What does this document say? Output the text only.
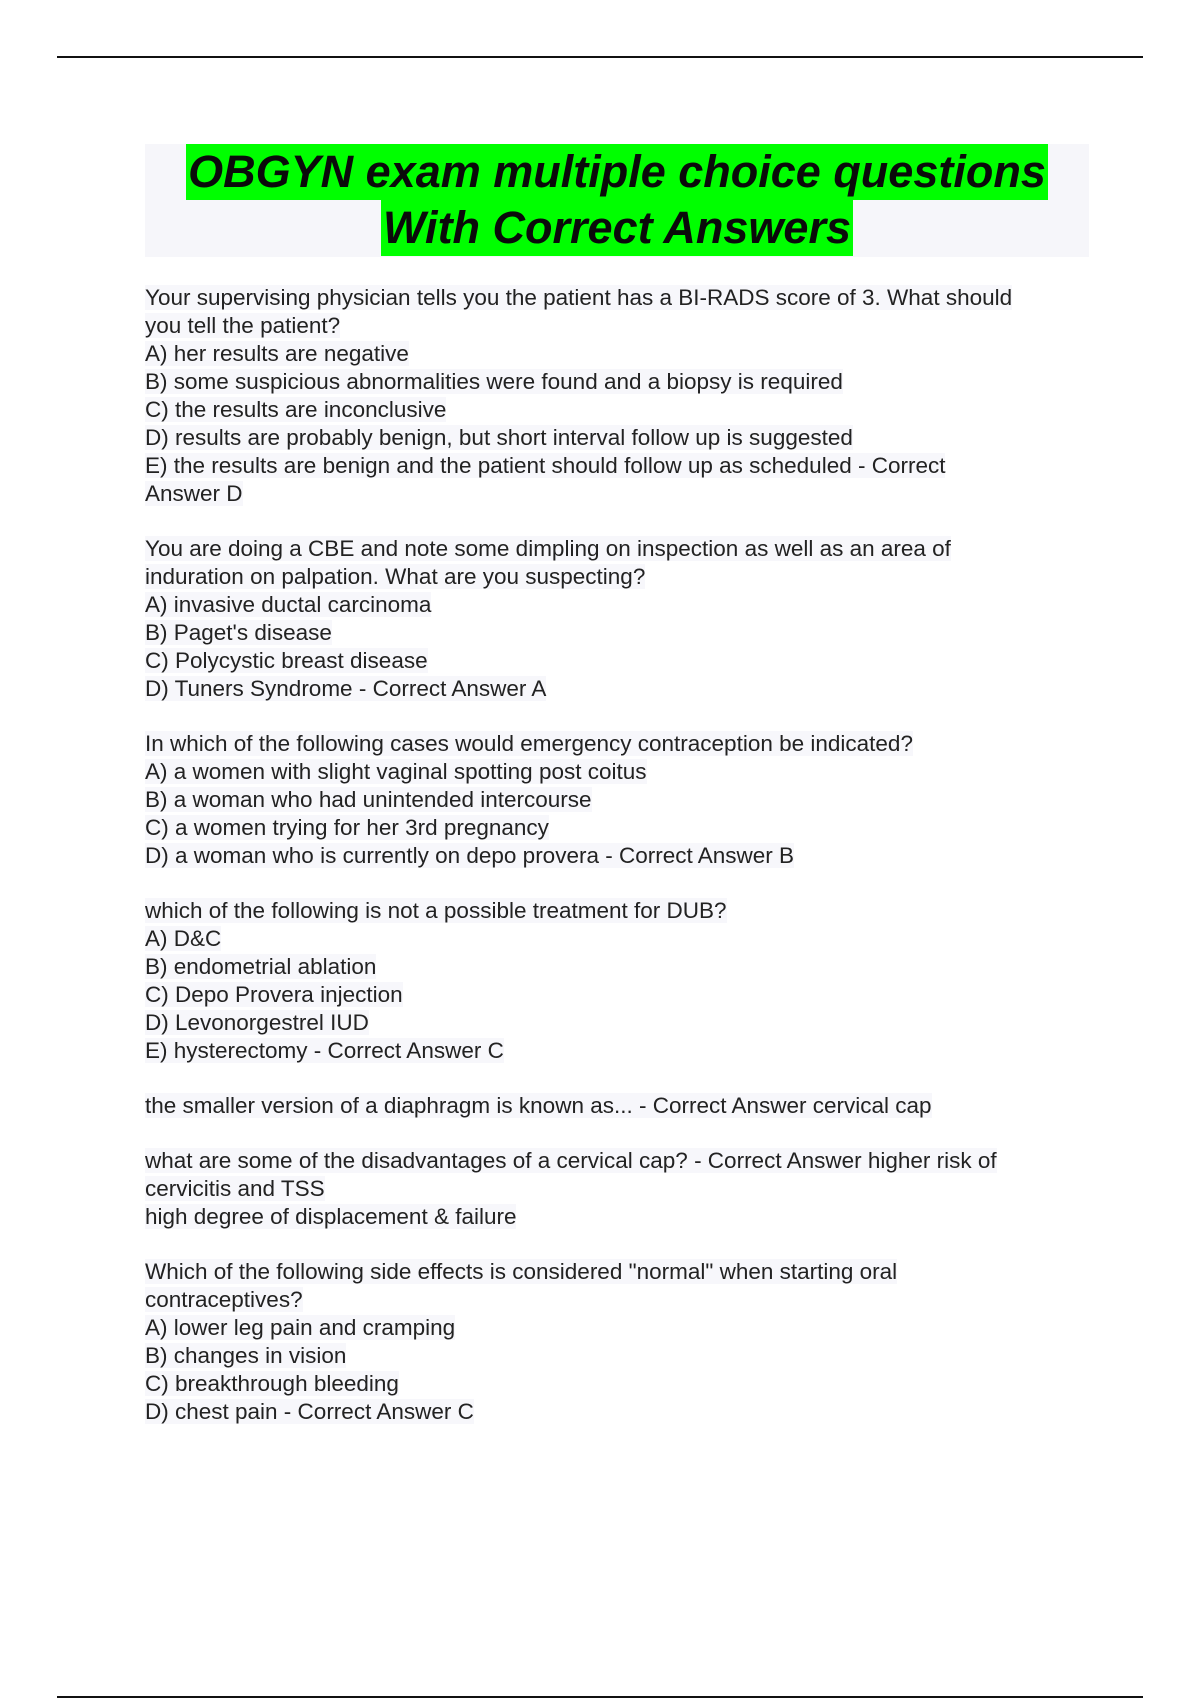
OBGYN exam multiple choice questions
With Correct Answers
Your supervising physician tells you the patient has a BI-RADS score of 3. What should
you tell the patient?
A) her results are negative
B) some suspicious abnormalities were found and a biopsy is required
C) the results are inconclusive
D) results are probably benign, but short interval follow up is suggested
E) the results are benign and the patient should follow up as scheduled - Correct
Answer D
You are doing a CBE and note some dimpling on inspection as well as an area of
induration on palpation. What are you suspecting?
A) invasive ductal carcinoma
B) Paget's disease
C) Polycystic breast disease
D) Tuners Syndrome - Correct Answer A
In which of the following cases would emergency contraception be indicated?
A) a women with slight vaginal spotting post coitus
B) a woman who had unintended intercourse
C) a women trying for her 3rd pregnancy
D) a woman who is currently on depo provera - Correct Answer B
which of the following is not a possible treatment for DUB?
A) D&C
B) endometrial ablation
C) Depo Provera injection
D) Levonorgestrel IUD
E) hysterectomy - Correct Answer C
the smaller version of a diaphragm is known as... - Correct Answer cervical cap
what are some of the disadvantages of a cervical cap? - Correct Answer higher risk of
cervicitis and TSS
high degree of displacement & failure
Which of the following side effects is considered "normal" when starting oral
contraceptives?
A) lower leg pain and cramping
B) changes in vision
C) breakthrough bleeding
D) chest pain - Correct Answer C
